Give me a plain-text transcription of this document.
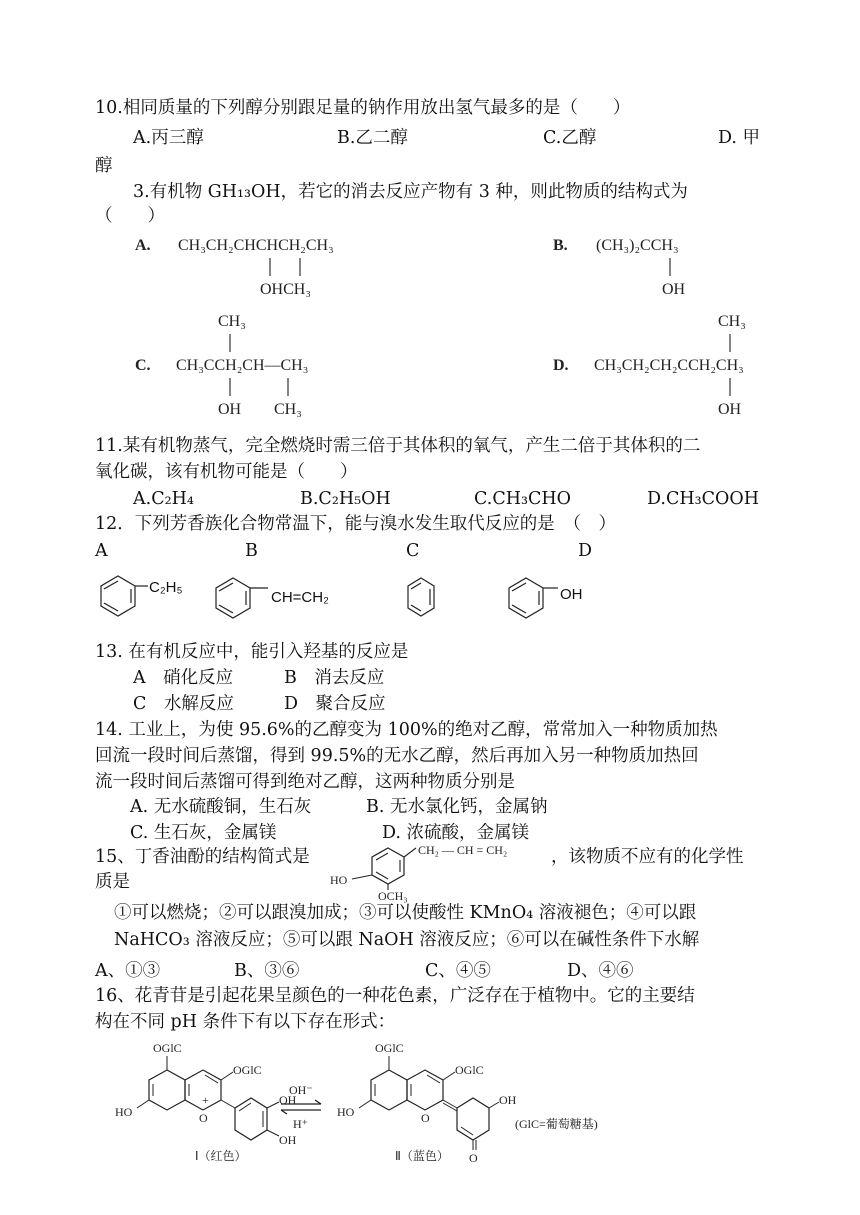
10.相同质量的下列醇分别跟足量的钠作用放出氢气最多的是（　　）
A.丙三醇	B.乙二醇	C.乙醇	D. 甲
醇
3.有机物 GH₁₃OH，若它的消去反应产物有 3 种，则此物质的结构式为
（　　）
A. CH₃CH₂CHCHCH₂CH₃
OHCH₃
B. (CH₃)₂CCH₃
OH
CH₃
C. CH₃CCH₂CH—CH₃
OH CH₃
CH₃
D. CH₃CH₂CH₂CCH₂CH₃
OH
11.某有机物蒸气，完全燃烧时需三倍于其体积的氧气，产生二倍于其体积的二
氧化碳，该有机物可能是（　　）
A.C₂H₄	B.C₂H₅OH	C.CH₃CHO	D.CH₃COOH
12．下列芳香族化合物常温下，能与溴水发生取代反应的是　（　）
A	B	C	D
C₂H₅
CH=CH₂	OH
13. 在有机反应中，能引入羟基的反应是
A　硝化反应	B　消去反应
C　水解反应	D　聚合反应
14. 工业上，为使 95.6%的乙醇变为 100%的绝对乙醇，常常加入一种物质加热
回流一段时间后蒸馏，得到 99.5%的无水乙醇，然后再加入另一种物质加热回
流一段时间后蒸馏可得到绝对乙醇，这两种物质分别是
A. 无水硫酸铜，生石灰	B. 无水氯化钙，金属钠
C. 生石灰，金属镁	D. 浓硫酸，金属镁
15、丁香油酚的结构简式是	，该物质不应有的化学性
质是
CH₂ — CH = CH₂
HO
OCH₃
①可以燃烧；②可以跟溴加成；③可以使酸性 KMnO₄ 溶液褪色；④可以跟
NaHCO₃ 溶液反应；⑤可以跟 NaOH 溶液反应；⑥可以在碱性条件下水解
A、①③	B、③⑥	C、④⑤	D、④⑥
16、花青苷是引起花果呈颜色的一种花色素，广泛存在于植物中。它的主要结
构在不同 pH 条件下有以下存在形式：
OGlC
O
+
OGlC
HO
OH
OH
Ⅰ（红色）
OH⁻
H⁺
OGlC
O
OGlC
HO
OH
O
Ⅱ（蓝色）
(GlC=葡萄糖基)
